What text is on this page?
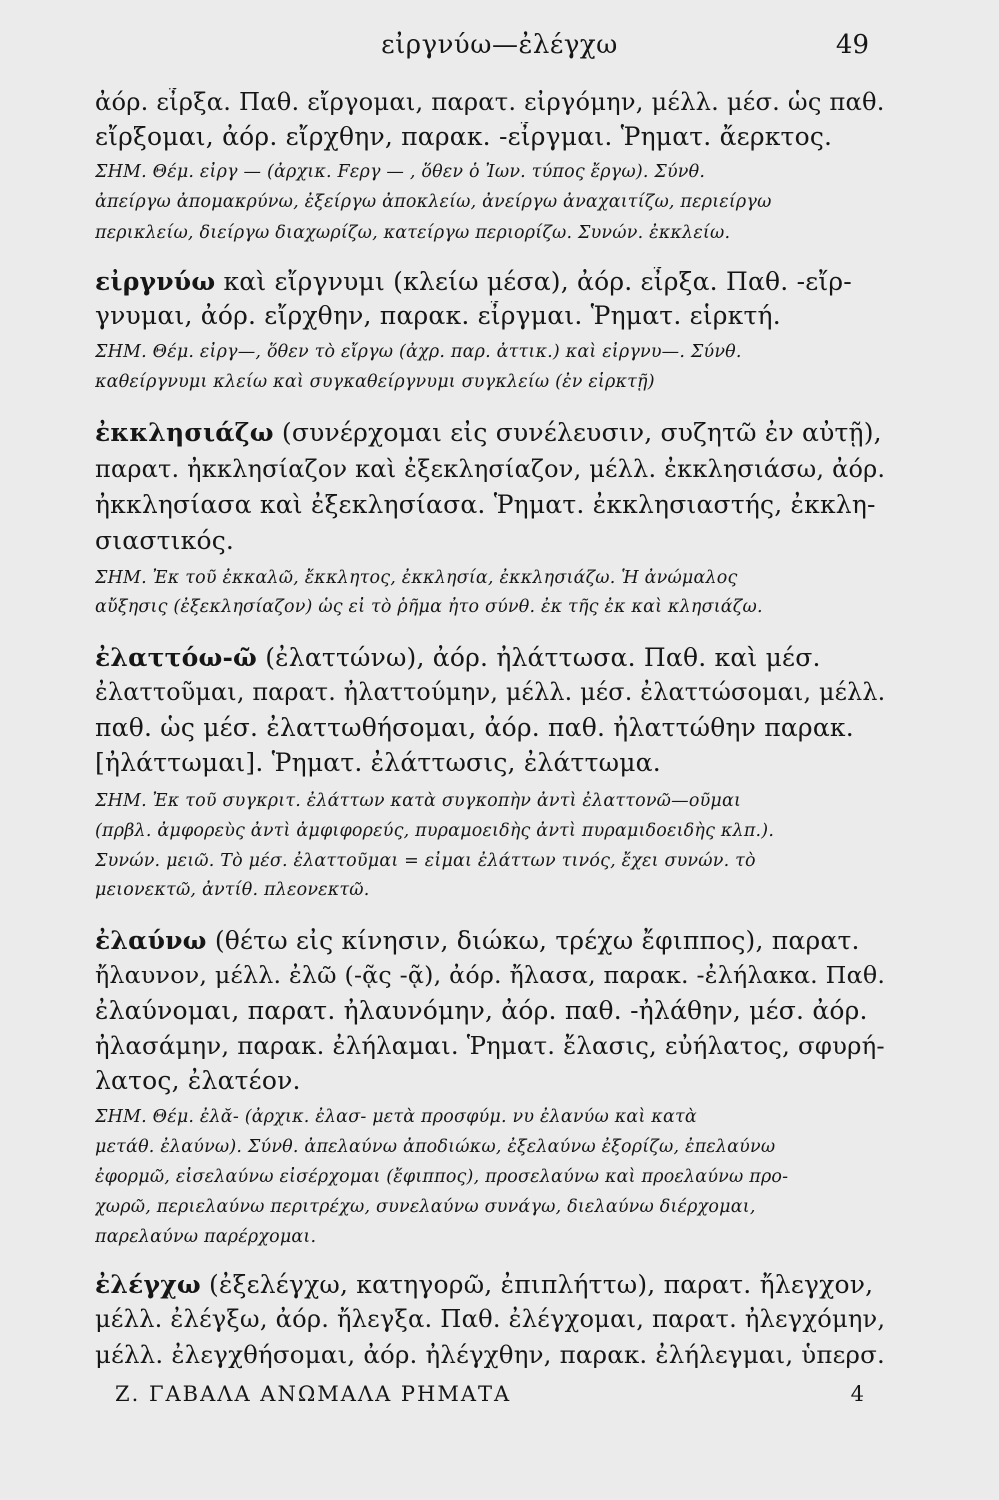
εἰργνύω—ἐλέγχω	49
ἀόρ. εἶρξα. Παθ. εἴργομαι, παρατ. εἰργόμην, μέλλ. μέσ. ὡς παθ.
εἴρξομαι, ἀόρ. εἴρχθην, παρακ. -εἶργμαι. Ῥηματ. ἄερκτος.
ΣΗΜ. Θέμ. εἰργ — (ἀρχικ. Fεργ — , ὅθεν ὁ Ἰων. τύπος ἔργω). Σύνθ.
ἀπείργω ἀπομακρύνω, ἐξείργω ἀποκλείω, ἀνείργω ἀναχαιτίζω, περιείργω
περικλείω, διείργω διαχωρίζω, κατείργω περιορίζω. Συνών. ἐκκλείω.
εἰργνύω καὶ εἴργνυμι (κλείω μέσα), ἀόρ. εἶρξα. Παθ. -εἴρ-
γνυμαι, ἀόρ. εἴρχθην, παρακ. εἶργμαι. Ῥηματ. εἱρκτή.
ΣΗΜ. Θέμ. εἰργ—, ὅθεν τὸ εἴργω (ἀχρ. παρ. ἀττικ.) καὶ εἰργνυ—. Σύνθ.
καθείργνυμι κλείω καὶ συγκαθείργνυμι συγκλείω (ἐν εἱρκτῇ)
ἐκκλησιάζω (συνέρχομαι εἰς συνέλευσιν, συζητῶ ἐν αὐτῇ),
παρατ. ἠκκλησίαζον καὶ ἐξεκλησίαζον, μέλλ. ἐκκλησιάσω, ἀόρ.
ἠκκλησίασα καὶ ἐξεκλησίασα. Ῥηματ. ἐκκλησιαστής, ἐκκλη-
σιαστικός.
ΣΗΜ. Ἐκ τοῦ ἐκκαλῶ, ἔκκλητος, ἐκκλησία, ἐκκλησιάζω. Ἡ ἀνώμαλος
αὔξησις (ἐξεκλησίαζον) ὡς εἰ τὸ ῥῆμα ἦτο σύνθ. ἐκ τῆς ἐκ καὶ κλησιάζω.
ἐλαττόω-ῶ (ἐλαττώνω), ἀόρ. ἠλάττωσα. Παθ. καὶ μέσ.
ἐλαττοῦμαι, παρατ. ἠλαττούμην, μέλλ. μέσ. ἐλαττώσομαι, μέλλ.
παθ. ὡς μέσ. ἐλαττωθήσομαι, ἀόρ. παθ. ἠλαττώθην παρακ.
[ἠλάττωμαι]. Ῥηματ. ἐλάττωσις, ἐλάττωμα.
ΣΗΜ. Ἐκ τοῦ συγκριτ. ἐλάττων κατὰ συγκοπὴν ἀντὶ ἐλαττονῶ—οῦμαι
(πρβλ. ἀμφορεὺς ἀντὶ ἀμφιφορεύς, πυραμοειδὴς ἀντὶ πυραμιδοειδὴς κλπ.).
Συνών. μειῶ. Τὸ μέσ. ἐλαττοῦμαι = εἶμαι ἐλάττων τινός, ἔχει συνών. τὸ
μειονεκτῶ, ἀντίθ. πλεονεκτῶ.
ἐλαύνω (θέτω εἰς κίνησιν, διώκω, τρέχω ἔφιππος), παρατ.
ἤλαυνον, μέλλ. ἐλῶ (-ᾷς -ᾷ), ἀόρ. ἤλασα, παρακ. -ἐλήλακα. Παθ.
ἐλαύνομαι, παρατ. ἠλαυνόμην, ἀόρ. παθ. -ἠλάθην, μέσ. ἀόρ.
ἠλασάμην, παρακ. ἐλήλαμαι. Ῥηματ. ἔλασις, εὐήλατος, σφυρή-
λατος, ἐλατέον.
ΣΗΜ. Θέμ. ἐλᾰ- (ἀρχικ. ἐλασ- μετὰ προσφύμ. νυ ἐλανύω καὶ κατὰ
μετάθ. ἐλαύνω). Σύνθ. ἀπελαύνω ἀποδιώκω, ἐξελαύνω ἐξορίζω, ἐπελαύνω
ἐφορμῶ, εἰσελαύνω εἰσέρχομαι (ἔφιππος), προσελαύνω καὶ προελαύνω προ-
χωρῶ, περιελαύνω περιτρέχω, συνελαύνω συνάγω, διελαύνω διέρχομαι,
παρελαύνω παρέρχομαι.
ἐλέγχω (ἐξελέγχω, κατηγορῶ, ἐπιπλήττω), παρατ. ἤλεγχον,
μέλλ. ἐλέγξω, ἀόρ. ἤλεγξα. Παθ. ἐλέγχομαι, παρατ. ἠλεγχόμην,
μέλλ. ἐλεγχθήσομαι, ἀόρ. ἠλέγχθην, παρακ. ἐλήλεγμαι, ὑπερσ.
Ζ. ΓΑΒΑΛΑ ΑΝΩΜΑΛΑ ΡΗΜΑΤΑ	4
